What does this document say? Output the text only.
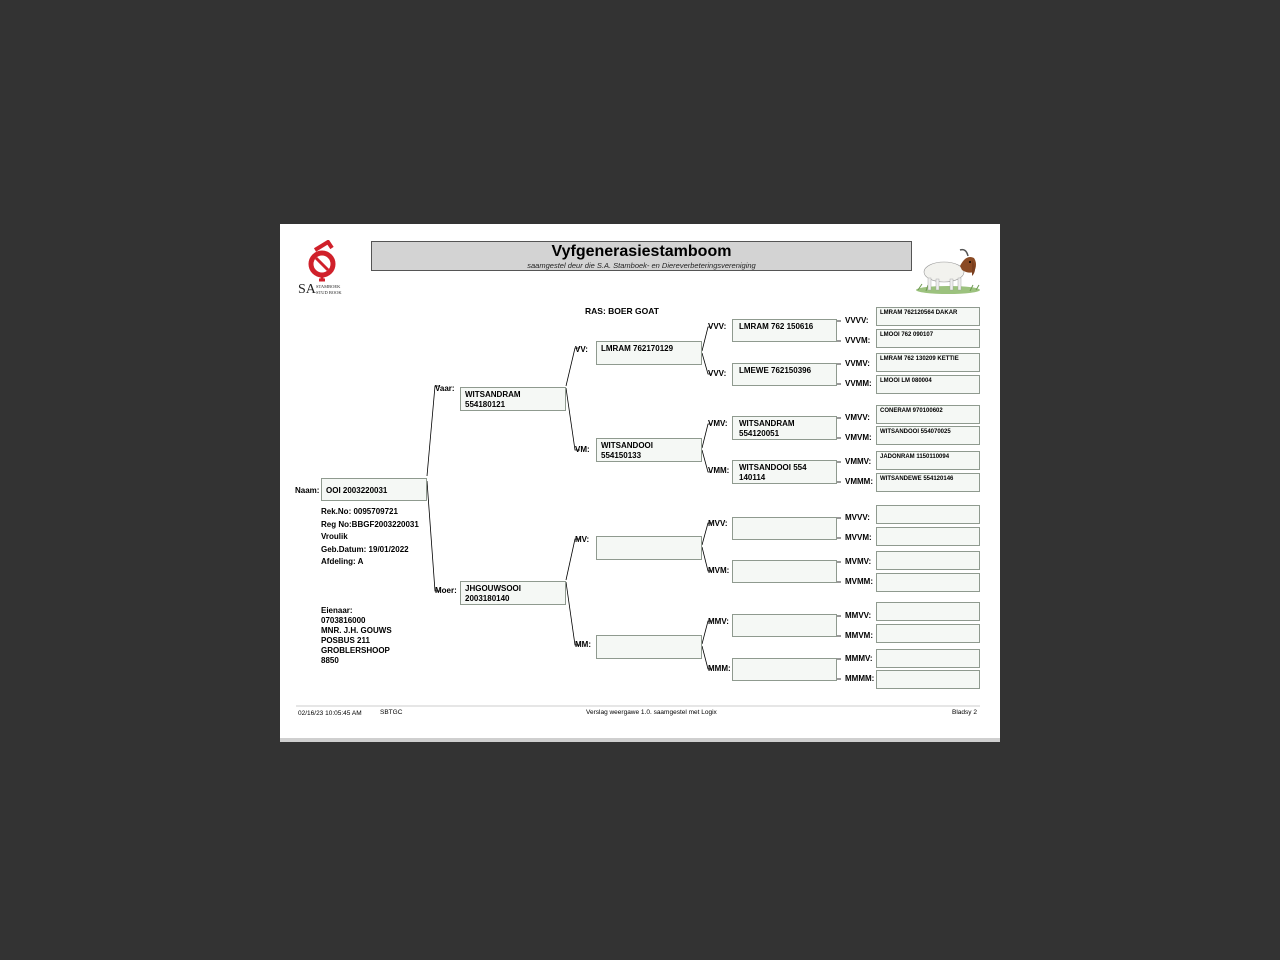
SA STAMBOEK
STUD BOOK
Vyfgenerasiestamboom
saamgestel deur die S.A. Stamboek- en Diereverbeteringsvereniging
RAS: BOER GOAT
Naam: OOI 2003220031
Rek.No: 0095709721
Reg No:BBGF2003220031
Vroulik
Geb.Datum: 19/01/2022
Afdeling: A
Eienaar:
0703816000
MNR. J.H. GOUWS
POSBUS 211
GROBLERSHOOP
8850
Vaar:
WITSANDRAM
554180121
Moer:	JHGOUWSOOI
2003180140
VV:	LMRAM 762170129
VM:	WITSANDOOI
554150133
MV:
MM:
VVV:	LMRAM 762 150616
VVV:	LMEWE 762150396
VMV:	WITSANDRAM
554120051
VMM:	WITSANDOOI 554
140114
MVV:
MVM:
MMV:
MMM:
VVVV:
LMRAM 762120564 DAKAR
VVVM:
LMOOI 762 090107
VVMV:	LMRAM 762 130209 KETTIE
VVMM:	LMOOI LM 080004
VMVV:
CONERAM 970100602
VMVM:
WITSANDOOI 554070025
VMMV:	JADONRAM 1150110094
VMMM:	WITSANDEWE 554120146
MVVV:
MVVM:
MVMV:
MVMM:
MMVV:
MMVM:
MMMV:
MMMM:
02/16/23 10:05:45 AM	SBTGC	Verslag weergawe 1.0. saamgestel met Logix	Bladsy 2
